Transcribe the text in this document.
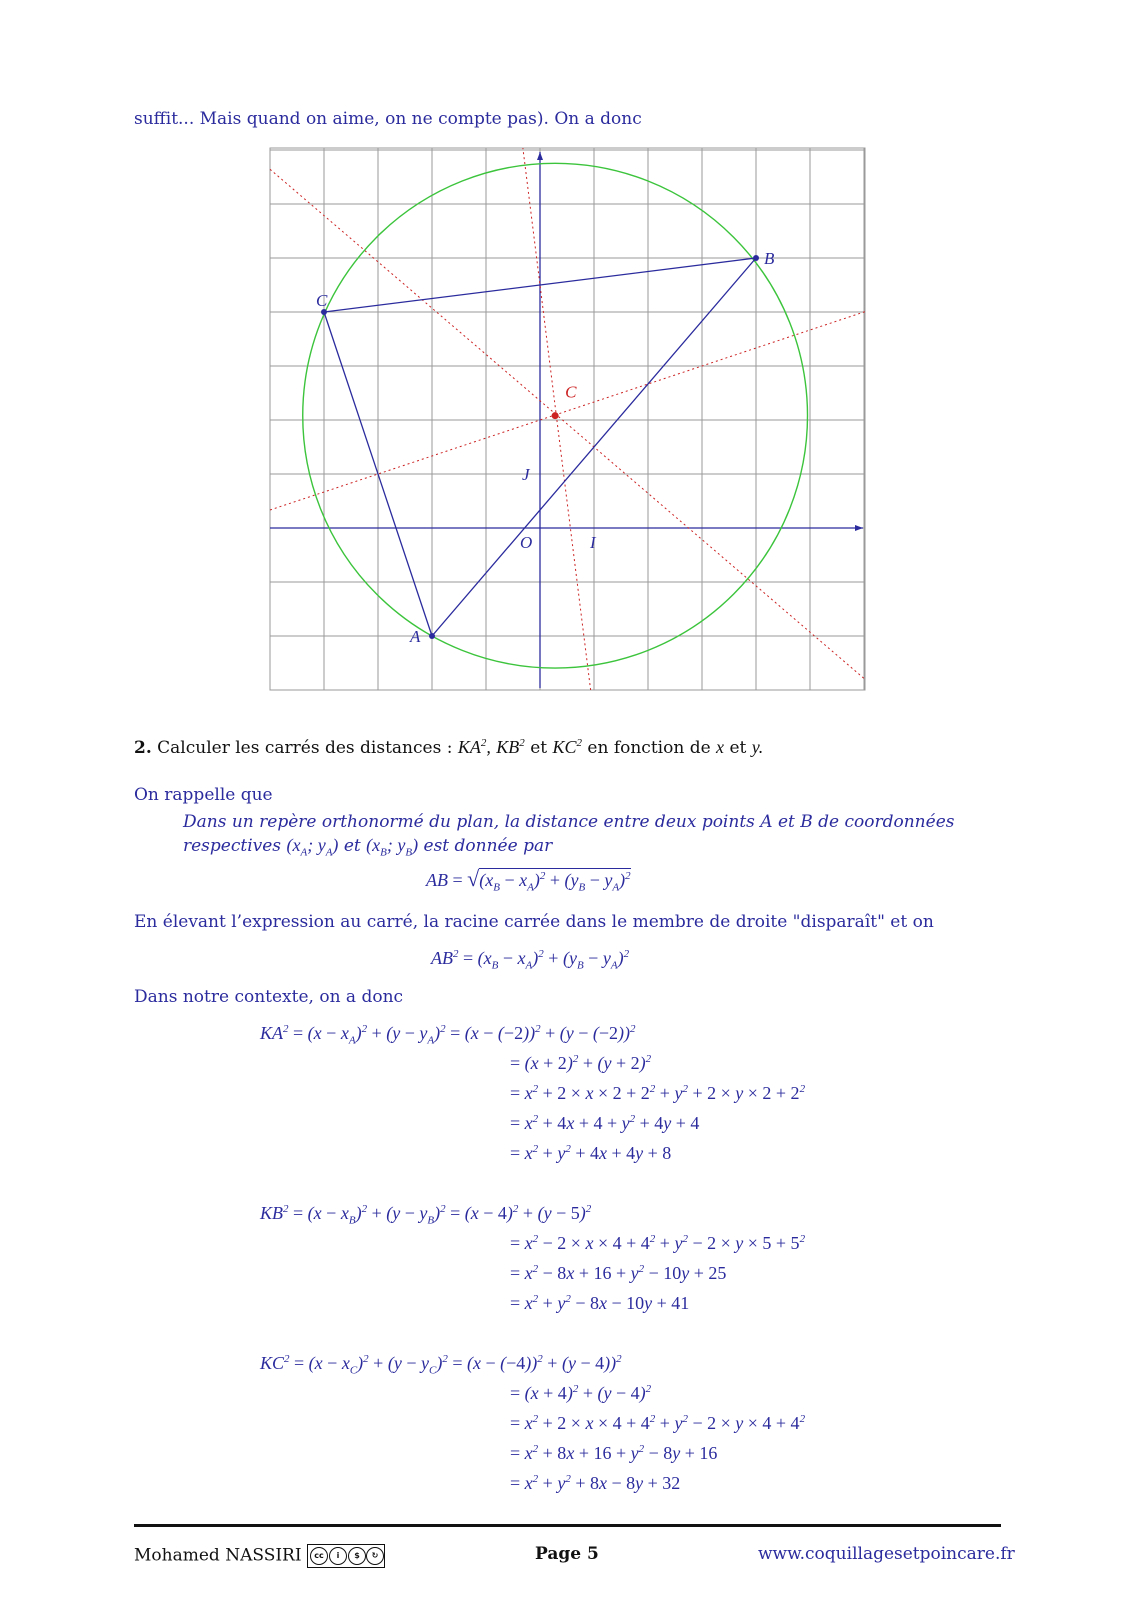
suffit... Mais quand on aime, on ne compte pas). On a donc
A
B
C
C
O	I
J
2. Calculer les carrés des distances : $KA^2$, $KB^2$ et $KC^2$ en fonction de x et y.
On rappelle que
Dans un repère orthonormé du plan, la distance entre deux points A et B de coordonnées
respectives ($x_A$; $y_A$) et ($x_B$; $y_B$) est donnée par
AB = $√(x_B - x_A)^2 + (y_B - y_A)^2$
En élevant l’expression au carré, la racine carrée dans le membre de droite "disparaît" et on
$AB^2 = (x_B - x_A)^2 + (y_B - y_A)^2$
Dans notre contexte, on a donc
$KA^2 = (x - x_A)^2 + (y - y_A)^2 = (x - (-2))^2 + (y - (-2))^2$
= $(x + 2)^2 + (y + 2)^2$
= $x^2 + 2 \times x \times 2 + 2^2 + y^2 + 2 \times y \times 2 + 2^2$
= $x^2 + 4x + 4 + y^2 + 4y + 4$
= $x^2 + y^2 + 4x + 4y + 8$
$KB^2 = (x - x_B)^2 + (y - y_B)^2 = (x - 4)^2 + (y - 5)^2$
= $x^2 - 2 \times x \times 4 + 4^2 + y^2 - 2 \times y \times 5 + 5^2$
= $x^2 - 8x + 16 + y^2 - 10y + 25$
= $x^2 + y^2 - 8x - 10y + 41$
$KC^2 = (x - x_C)^2 + (y - y_C)^2 = (x - (-4))^2 + (y - 4))^2$
= $(x + 4)^2 + (y - 4)^2$
= $x^2 + 2 \times x \times 4 + 4^2 + y^2 - 2 \times y \times 4 + 4^2$
= $x^2 + 8x + 16 + y^2 - 8y + 16$
= $x^2 + y^2 + 8x - 8y + 32$
Mohamed NASSIRI	cc	i	$	↻	Page 5	www.coquillagesetpoincare.fr
